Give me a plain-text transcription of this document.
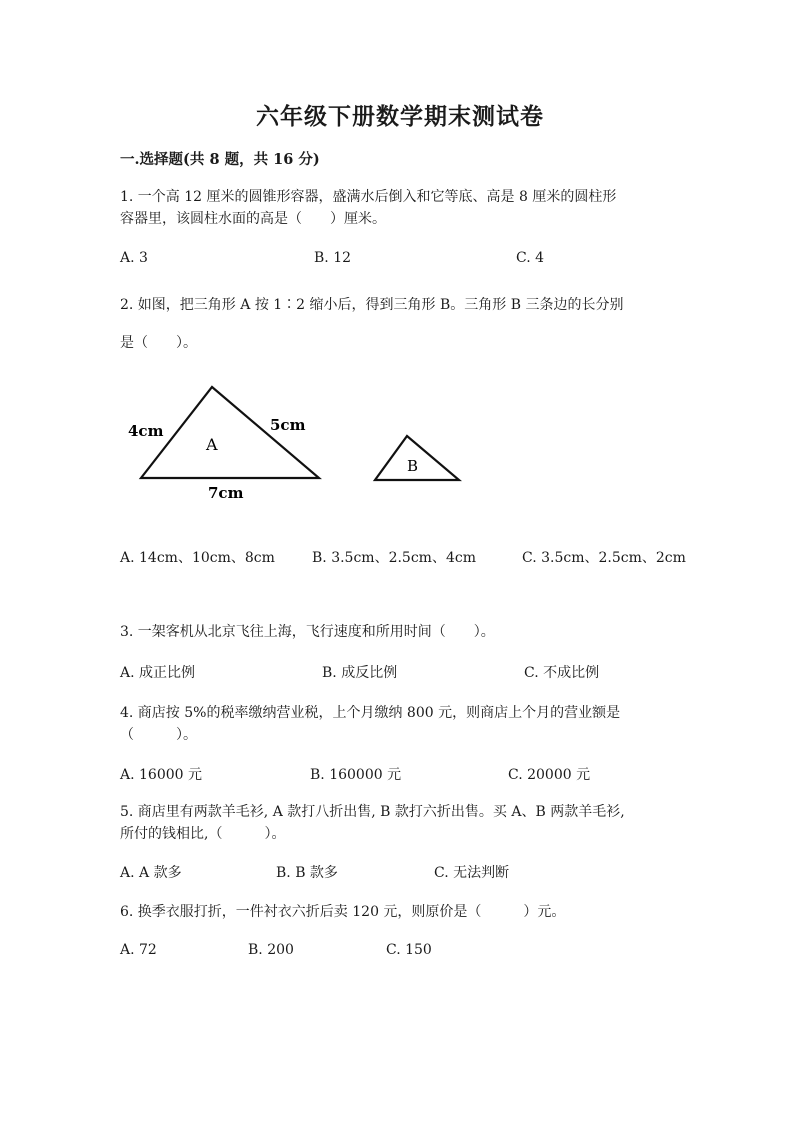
六年级下册数学期末测试卷
一.选择题(共 8 题，共 16 分)
1. 一个高 12 厘米的圆锥形容器，盛满水后倒入和它等底、高是 8 厘米的圆柱形
容器里，该圆柱水面的高是（　　）厘米。
A. 3	B. 12	C. 4
2. 如图，把三角形 A 按 1∶2 缩小后，得到三角形 B。三角形 B 三条边的长分别
是（　　）。
A
4cm	5cm
7cm
B
A. 14cm、10cm、8cm	B. 3.5cm、2.5cm、4cm	C. 3.5cm、2.5cm、2cm
3. 一架客机从北京飞往上海，飞行速度和所用时间（　　）。
A. 成正比例	B. 成反比例	C. 不成比例
4. 商店按 5%的税率缴纳营业税，上个月缴纳 800 元，则商店上个月的营业额是
（　　　）。
A. 16000 元	B. 160000 元	C. 20000 元
5. 商店里有两款羊毛衫, A 款打八折出售, B 款打六折出售。买 A、B 两款羊毛衫,
所付的钱相比,（　　　）。
A. A 款多	B. B 款多	C. 无法判断
6. 换季衣服打折，一件衬衣六折后卖 120 元，则原价是（　　　）元。
A. 72	B. 200	C. 150
